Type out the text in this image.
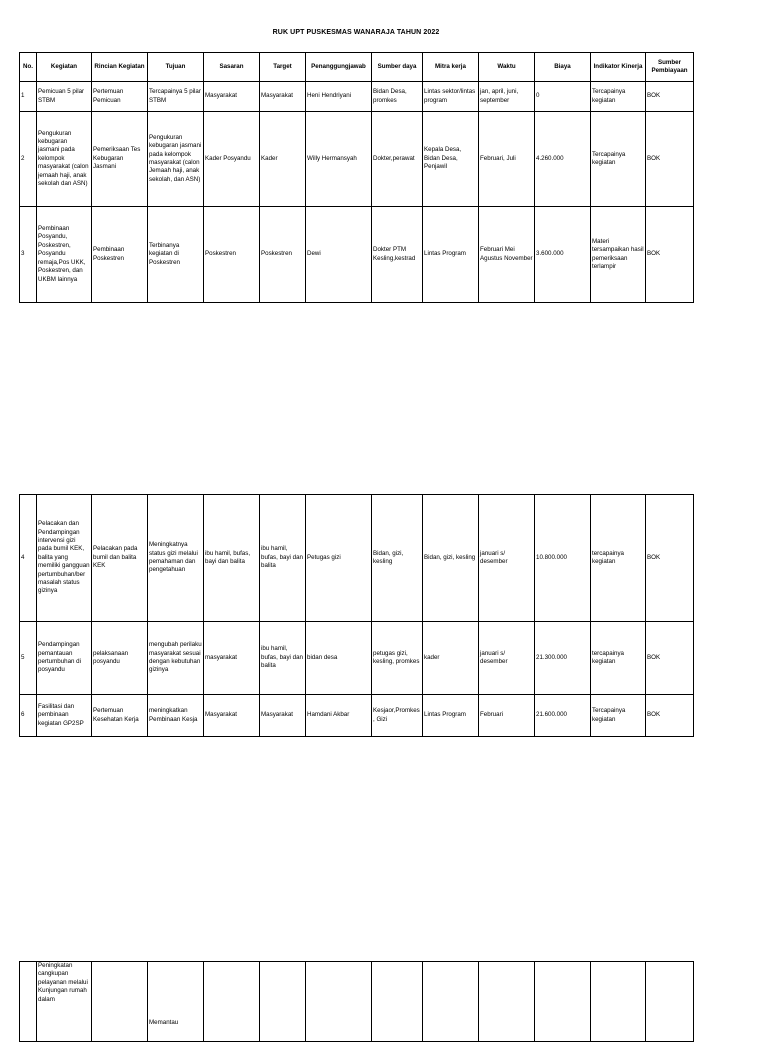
RUK UPT PUSKESMAS WANARAJA TAHUN 2022
No.	Kegiatan	Rincian Kegiatan	Tujuan	Sasaran	Target	Penanggungjawab	Sumber daya	Mitra kerja	Waktu	Biaya	Indikator Kinerja	Sumber Pembiayaan
1	Pemicuan 5 pilar STBM	Pertemuan Pemicuan	Tercapainya 5 pilar STBM	Masyarakat	Masyarakat	Heni Hendriyani	Bidan Desa, promkes	Lintas sektor/lintas program	jan, april, juni, september	0	Tercapainya kegiatan	BOK
2	Pengukuran kebugaran jasmani pada kelompok masyarakat (calon jemaah haji, anak sekolah dan ASN)	Pemeriksaan Tes Kebugaran Jasmani	Pengukuran kebugaran jasmani pada kelompok masyarakat (calon Jemaah haji, anak sekolah, dan ASN)	Kader Posyandu	Kader	Willy Hermansyah	Dokter,perawat	Kepala Desa, Bidan Desa, Penjawil	Februari, Juli	4.260.000	Tercapainya kegiatan	BOK
3	Pembinaan Posyandu, Poskestren, Posyandu remaja,Pos UKK, Poskestren, dan UKBM lainnya	Pembinaan Poskestren	Terbinanya kegiatan di Poskestren	Poskestren	Poskestren	Dewi	Dokter PTM Kesling,kestrad	Lintas Program	Februari Mei Agustus November	3.600.000	Materi tersampaikan hasil pemeriksaan terlampir	BOK
4	Pelacakan dan Pendampingan intervensi gizi pada bumil KEK, balita yang memiliki gangguan pertumbuhan/bermasalah status gizinya	Pelacakan pada bumil dan balita KEK	Meningkatnya status gizi melalui pemahaman dan pengetahuan	ibu hamil, bufas, bayi dan balita	ibu hamil, bufas, bayi dan balita	Petugas gizi	Bidan, gizi, kesling	Bidan, gizi, kesling	januari s/ desember	10.800.000	tercapainya kegiatan	BOK
5	Pendampingan pemantauan pertumbuhan di posyandu	pelaksanaan posyandu	mengubah perilaku masyarakat sesuai dengan kebutuhan gizinya	masyarakat	ibu hamil, bufas, bayi dan balita	bidan desa	petugas gizi, kesling, promkes	kader	januari s/ desember	21.300.000	tercapainya kegiatan	BOK
6	Fasilitasi dan pembinaan kegiatan GP2SP	Pertemuan Kesehatan Kerja	meningkatkan Pembinaan Kesja	Masyarakat	Masyarakat	Hamdani Akbar	Kesjaor,Promkes, Gizi	Lintas Program	Februari	21.600.000	Tercapainya kegiatan	BOK
	Peningkatan cangkupan pelayanan melalui Kunjungan rumah dalam		Memantau									
